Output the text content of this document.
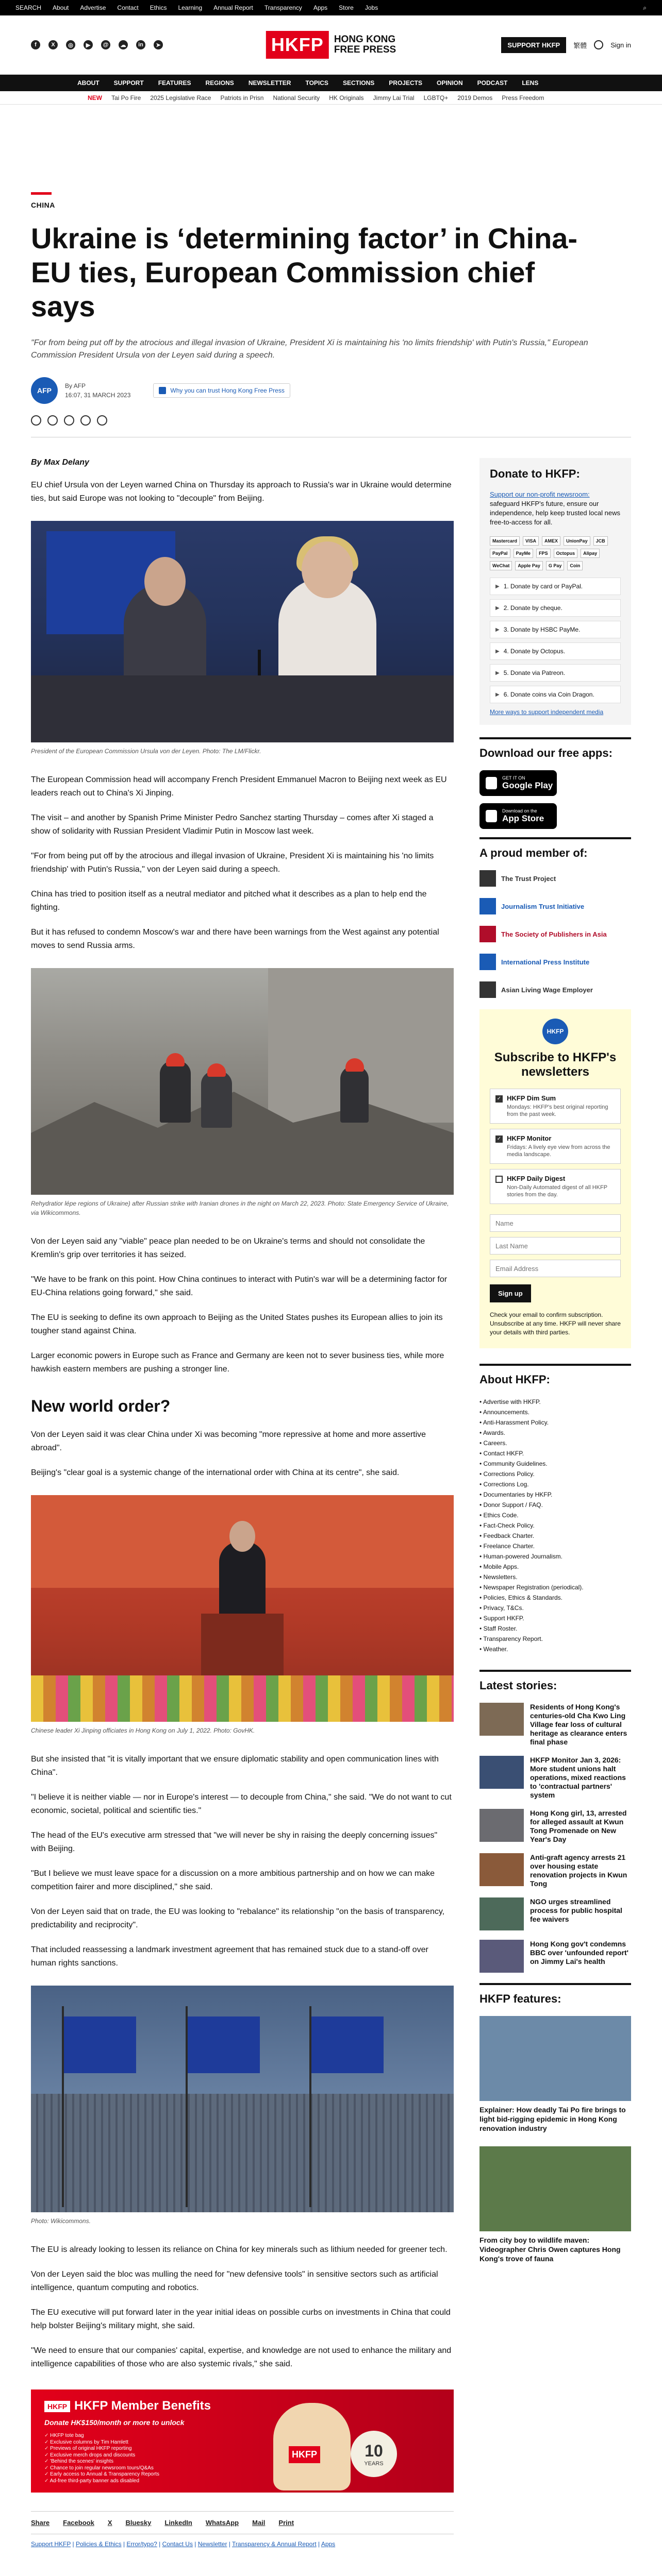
SEARCH About Advertise Contact Ethics Learning Annual Report Transparency Apps Store Jobs	⌕
f	X	◎	▶	@	☁	in	➤	HKFP	HONG KONG
FREE PRESS	SUPPORT HKFP	繁體	Sign in
ABOUT SUPPORT FEATURES REGIONS NEWSLETTER TOPICS SECTIONS PROJECTS OPINION PODCAST LENS
NEW Tai Po Fire 2025 Legislative Race Patriots in Prisn National Security HK Originals Jimmy Lai Trial LGBTQ+ 2019 Demos Press Freedom
CHINA
Ukraine is ‘determining factor’ in China-EU ties, European Commission chief says

"For from being put off by the atrocious and illegal invasion of Ukraine, President Xi is maintaining his 'no limits friendship' with Putin's Russia," European Commission President Ursula von der Leyen said during a speech.

AFP
By AFP
16:07, 31 MARCH 2023
Why you can trust Hong Kong Free Press
By Max Delany

EU chief Ursula von der Leyen warned China on Thursday its approach to Russia's war in Ukraine would determine ties, but said Europe was not looking to "decouple" from Beijing.

President of the European Commission Ursula von der Leyen. Photo: The LM/Flickr.

The European Commission head will accompany French President Emmanuel Macron to Beijing next week as EU leaders reach out to China's Xi Jinping.

The visit – and another by Spanish Prime Minister Pedro Sanchez starting Thursday – comes after Xi staged a show of solidarity with Russian President Vladimir Putin in Moscow last week.

"For from being put off by the atrocious and illegal invasion of Ukraine, President Xi is maintaining his 'no limits friendship' with Putin's Russia," von der Leyen said during a speech.

China has tried to position itself as a neutral mediator and pitched what it describes as a plan to help end the fighting.

But it has refused to condemn Moscow's war and there have been warnings from the West against any potential moves to send Russia arms.

Rehydratior lépe regions of Ukraine) after Russian strike with Iranian drones in the night on March 22, 2023. Photo: State Emergency Service of Ukraine, via Wikicommons.

Von der Leyen said any "viable" peace plan needed to be on Ukraine's terms and should not consolidate the Kremlin's grip over territories it has seized.

"We have to be frank on this point. How China continues to interact with Putin's war will be a determining factor for EU-China relations going forward," she said.

The EU is seeking to define its own approach to Beijing as the United States pushes its European allies to join its tougher stand against China.

Larger economic powers in Europe such as France and Germany are keen not to sever business ties, while more hawkish eastern members are pushing a stronger line.

New world order?

Von der Leyen said it was clear China under Xi was becoming "more repressive at home and more assertive abroad".

Beijing's "clear goal is a systemic change of the international order with China at its centre", she said.

Chinese leader Xi Jinping officiates in Hong Kong on July 1, 2022. Photo: GovHK.

But she insisted that "it is vitally important that we ensure diplomatic stability and open communication lines with China".

"I believe it is neither viable — nor in Europe's interest — to decouple from China," she said. "We do not want to cut economic, societal, political and scientific ties."

The head of the EU's executive arm stressed that "we will never be shy in raising the deeply concerning issues" with Beijing.

"But I believe we must leave space for a discussion on a more ambitious partnership and on how we can make competition fairer and more disciplined," she said.

Von der Leyen said that on trade, the EU was looking to "rebalance" its relationship "on the basis of transparency, predictability and reciprocity".

That included reassessing a landmark investment agreement that has remained stuck due to a stand-off over human rights sanctions.

Photo: Wikicommons.

The EU is already looking to lessen its reliance on China for key minerals such as lithium needed for greener tech.

Von der Leyen said the bloc was mulling the need for "new defensive tools" in sensitive sectors such as artificial intelligence, quantum computing and robotics.

The EU executive will put forward later in the year initial ideas on possible curbs on investments in China that could help bolster Beijing's military might, she said.

"We need to ensure that our companies' capital, expertise, and knowledge are not used to enhance the military and intelligence capabilities of those who are also systemic rivals," she said.

HKFP HKFP Member Benefits
Donate HK$150/month or more to unlock
✓ HKFP tote bag
✓ Exclusive columns by Tim Hamlett
✓ Previews of original HKFP reporting
✓ Exclusive merch drops and discounts
✓ 'Behind the scenes' insights
✓ Chance to join regular newsroom tours/Q&As
✓ Early access to Annual & Transparency Reports
✓ Ad-free third-party banner ads disabled
HKFP	10
YEARS
Share Facebook X Bluesky LinkedIn WhatsApp Mail Print
Support HKFP | Policies & Ethics | Error/typo? | Contact Us | Newsletter | Transparency & Annual Report | Apps
Donate to HKFP:

Support our non-profit newsroom: safeguard HKFP's future, ensure our independence, help keep trusted local news free-to-access for all.

Mastercard	VISA	AMEX	UnionPay	JCB
PayPal	PayMe	FPS	Octopus	Alipay
WeChat	Apple Pay	G Pay	Coin
▶ 1. Donate by card or PayPal.
▶ 2. Donate by cheque.
▶ 3. Donate by HSBC PayMe.
▶ 4. Donate by Octopus.
▶ 5. Donate via Patreon.
▶ 6. Donate coins via Coin Dragon.
More ways to support independent media
Download our free apps:
GET IT ON
Google Play
Download on the
App Store
A proud member of:
The Trust Project
Journalism Trust Initiative
The Society of Publishers in Asia
International Press Institute
Asian Living Wage Employer
HKFP
Subscribe to HKFP's newsletters
✓ HKFP Dim Sum
Mondays: HKFP's best original reporting from the past week.
✓ HKFP Monitor
Fridays: A lively eye view from across the media landscape.
HKFP Daily Digest
Non-Daily Automated digest of all HKFP stories from the day.
Name Last Name Email Address
Sign up

Check your email to confirm subscription. Unsubscribe at any time. HKFP will never share your details with third parties.

About HKFP:
• Advertise with HKFP.
• Announcements.
• Anti-Harassment Policy.
• Awards.
• Careers.
• Contact HKFP.
• Community Guidelines.
• Corrections Policy.
• Corrections Log.
• Documentaries by HKFP.
• Donor Support / FAQ.
• Ethics Code.
• Fact-Check Policy.
• Feedback Charter.
• Freelance Charter.
• Human-powered Journalism.
• Mobile Apps.
• Newsletters.
• Newspaper Registration (periodical).
• Policies, Ethics & Standards.
• Privacy, T&Cs.
• Support HKFP.
• Staff Roster.
• Transparency Report.
• Weather.
Latest stories:
Residents of Hong Kong's centuries-old Cha Kwo Ling Village fear loss of cultural heritage as clearance enters final phase
HKFP Monitor Jan 3, 2026: More student unions halt operations, mixed reactions to 'contractual partners' system
Hong Kong girl, 13, arrested for alleged assault at Kwun Tong Promenade on New Year's Day
Anti-graft agency arrests 21 over housing estate renovation projects in Kwun Tong
NGO urges streamlined process for public hospital fee waivers
Hong Kong gov't condemns BBC over 'unfounded report' on Jimmy Lai's health
HKFP features:
Explainer: How deadly Tai Po fire brings to light bid-rigging epidemic in Hong Kong renovation industry
From city boy to wildlife maven: Videographer Chris Owen captures Hong Kong's trove of fauna
